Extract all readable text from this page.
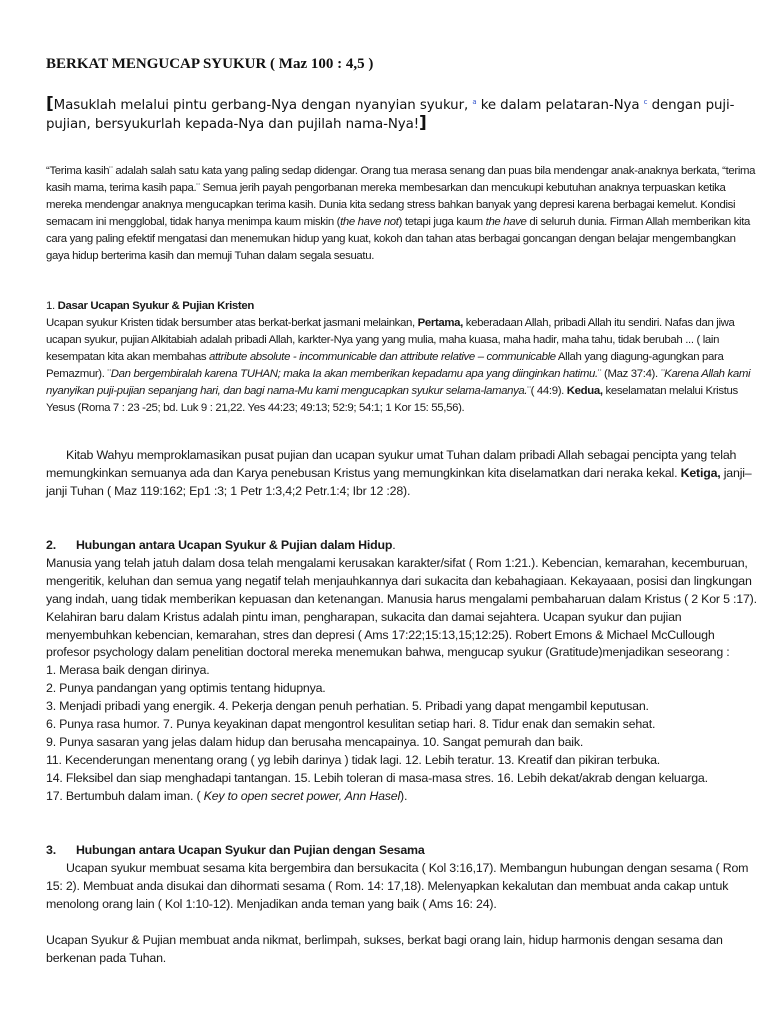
BERKAT MENGUCAP SYUKUR ( Maz 100 : 4,5 )
[Masuklah melalui pintu gerbang-Nya dengan nyanyian syukur, $^a$ ke dalam pelataran-Nya $^c$ dengan puji-pujian, bersyukurlah kepada-Nya dan pujilah nama-Nya!]
“Terima kasih¨ adalah salah satu kata yang paling sedap didengar. Orang tua merasa senang dan puas bila mendengar anak-anaknya berkata, “terima kasih mama, terima kasih papa.¨ Semua jerih payah pengorbanan mereka membesarkan dan mencukupi kebutuhan anaknya terpuaskan ketika mereka mendengar anaknya mengucapkan terima kasih. Dunia kita sedang stress bahkan banyak yang depresi karena berbagai kemelut. Kondisi semacam ini mengglobal, tidak hanya menimpa kaum miskin (the have not) tetapi juga kaum the have di seluruh dunia. Firman Allah memberikan kita cara yang paling efektif mengatasi dan menemukan hidup yang kuat, kokoh dan tahan atas berbagai goncangan dengan belajar mengembangkan gaya hidup berterima kasih dan memuji Tuhan dalam segala sesuatu.
1. Dasar Ucapan Syukur & Pujian Kristen
Ucapan syukur Kristen tidak bersumber atas berkat-berkat jasmani melainkan, Pertama, keberadaan Allah, pribadi Allah itu sendiri. Nafas dan jiwa ucapan syukur, pujian Alkitabiah adalah pribadi Allah, karkter-Nya yang yang mulia, maha kuasa, maha hadir, maha tahu, tidak berubah ... ( lain kesempatan kita akan membahas attribute absolute - incommunicable dan attribute relative – communicable Allah yang diagung-agungkan para Pemazmur). ¨Dan bergembiralah karena TUHAN; maka Ia akan memberikan kepadamu apa yang diinginkan hatimu.¨ (Maz 37:4). ¨Karena Allah kami nyanyikan puji-pujian sepanjang hari, dan bagi nama-Mu kami mengucapkan syukur selama-lamanya.¨( 44:9). Kedua, keselamatan melalui Kristus Yesus (Roma 7 : 23 -25; bd. Luk 9 : 21,22. Yes 44:23; 49:13; 52:9; 54:1; 1 Kor 15: 55,56).
Kitab Wahyu memproklamasikan pusat pujian dan ucapan syukur umat Tuhan dalam pribadi Allah sebagai pencipta yang telah memungkinkan semuanya ada dan Karya penebusan Kristus yang memungkinkan kita diselamatkan dari neraka kekal. Ketiga, janji–janji Tuhan ( Maz 119:162; Ep1 :3; 1 Petr 1:3,4;2 Petr.1:4; Ibr 12 :28).
2. Hubungan antara Ucapan Syukur & Pujian dalam Hidup.
Manusia yang telah jatuh dalam dosa telah mengalami kerusakan karakter/sifat ( Rom 1:21.). Kebencian, kemarahan, kecemburuan, mengeritik, keluhan dan semua yang negatif telah menjauhkannya dari sukacita dan kebahagiaan. Kekayaaan, posisi dan lingkungan yang indah, uang tidak memberikan kepuasan dan ketenangan. Manusia harus mengalami pembaharuan dalam Kristus ( 2 Kor 5 :17). Kelahiran baru dalam Kristus adalah pintu iman, pengharapan, sukacita dan damai sejahtera. Ucapan syukur dan pujian menyembuhkan kebencian, kemarahan, stres dan depresi ( Ams 17:22;15:13,15;12:25). Robert Emons & Michael McCullough profesor psychology dalam penelitian doctoral mereka menemukan bahwa, mengucap syukur (Gratitude)menjadikan seseorang :
1. Merasa baik dengan dirinya.
2. Punya pandangan yang optimis tentang hidupnya.
3. Menjadi pribadi yang energik. 4. Pekerja dengan penuh perhatian. 5. Pribadi yang dapat mengambil keputusan.
6. Punya rasa humor. 7. Punya keyakinan dapat mengontrol kesulitan setiap hari. 8. Tidur enak dan semakin sehat.
9. Punya sasaran yang jelas dalam hidup dan berusaha mencapainya. 10. Sangat pemurah dan baik.
11. Kecenderungan menentang orang ( yg lebih darinya ) tidak lagi. 12. Lebih teratur. 13. Kreatif dan pikiran terbuka.
14. Fleksibel dan siap menghadapi tantangan. 15. Lebih toleran di masa-masa stres. 16. Lebih dekat/akrab dengan keluarga.
17. Bertumbuh dalam iman. ( Key to open secret power, Ann Hasel).
3. Hubungan antara Ucapan Syukur dan Pujian dengan Sesama
Ucapan syukur membuat sesama kita bergembira dan bersukacita ( Kol 3:16,17). Membangun hubungan dengan sesama ( Rom 15: 2). Membuat anda disukai dan dihormati sesama ( Rom. 14: 17,18). Melenyapkan kekalutan dan membuat anda cakap untuk menolong orang lain ( Kol 1:10-12). Menjadikan anda teman yang baik ( Ams 16: 24).
Ucapan Syukur & Pujian membuat anda nikmat, berlimpah, sukses, berkat bagi orang lain, hidup harmonis dengan sesama dan berkenan pada Tuhan.
